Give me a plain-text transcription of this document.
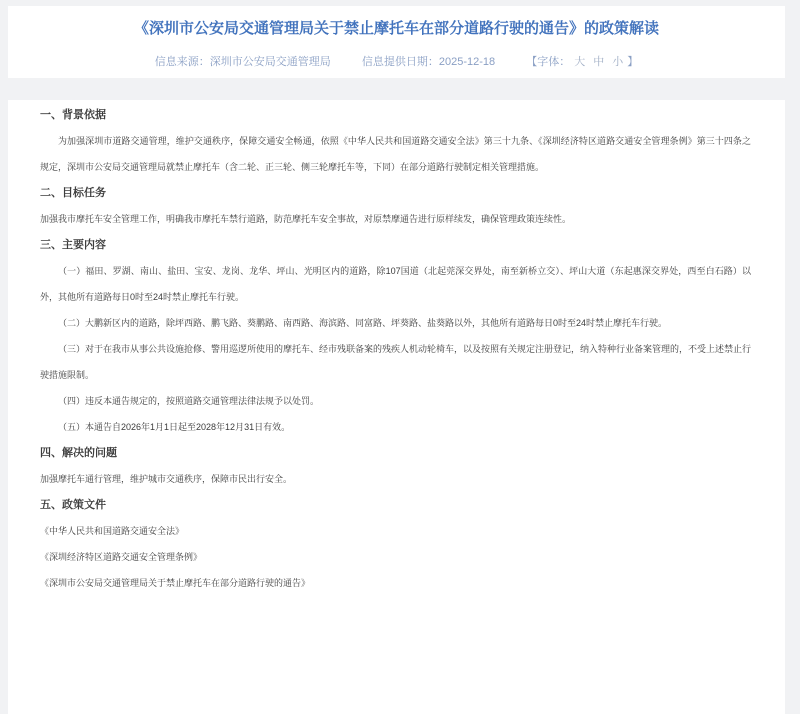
《深圳市公安局交通管理局关于禁止摩托车在部分道路行驶的通告》的政策解读
信息来源：深圳市公安局交通管理局	信息提供日期：2025-12-18	【字体： 大 中 小 】
一、背景依据

为加强深圳市道路交通管理，维护交通秩序，保障交通安全畅通，依照《中华人民共和国道路交通安全法》第三十九条、《深圳经济特区道路交通安全管理条例》第三十四条之规定，深圳市公安局交通管理局就禁止摩托车（含二轮、正三轮、侧三轮摩托车等，下同）在部分道路行驶制定相关管理措施。

二、目标任务

加强我市摩托车安全管理工作，明确我市摩托车禁行道路，防范摩托车安全事故，对原禁摩通告进行原样续发，确保管理政策连续性。

三、主要内容

（一）福田、罗湖、南山、盐田、宝安、龙岗、龙华、坪山、光明区内的道路，除107国道（北起莞深交界处，南至新桥立交）、坪山大道（东起惠深交界处，西至白石路）以外，其他所有道路每日0时至24时禁止摩托车行驶。

（二）大鹏新区内的道路，除坪西路、鹏飞路、葵鹏路、南西路、海滨路、同富路、坪葵路、盐葵路以外，其他所有道路每日0时至24时禁止摩托车行驶。

（三）对于在我市从事公共设施抢修、警用巡逻所使用的摩托车、经市残联备案的残疾人机动轮椅车，以及按照有关规定注册登记，纳入特种行业备案管理的，不受上述禁止行驶措施限制。

（四）违反本通告规定的，按照道路交通管理法律法规予以处罚。

（五）本通告自2026年1月1日起至2028年12月31日有效。

四、解决的问题

加强摩托车通行管理，维护城市交通秩序，保障市民出行安全。

五、政策文件

《中华人民共和国道路交通安全法》

《深圳经济特区道路交通安全管理条例》

《深圳市公安局交通管理局关于禁止摩托车在部分道路行驶的通告》
